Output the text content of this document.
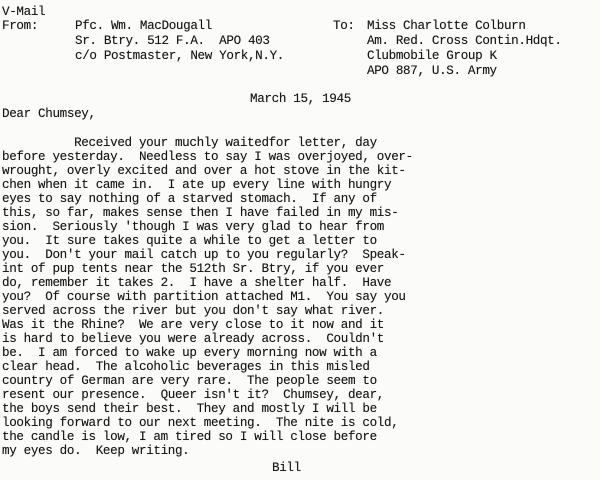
V-Mail

From:	Pfc. Wm. MacDougall

Sr. Btry. 512 F.A.  APO 403

c/o Postmaster, New York,N.Y.

To: Miss Charlotte Colburn

Am. Red. Cross Contin.Hdqt.

Clubmobile Group K

APO 887, U.S. Army

March 15, 1945

Dear Chumsey,

Received your muchly waitedfor letter, day

before yesterday.  Needless to say I was overjoyed, over-

wrought, overly excited and over a hot stove in the kit-

chen when it came in.  I ate up every line with hungry

eyes to say nothing of a starved stomach.  If any of

this, so far, makes sense then I have failed in my mis-

sion.  Seriously 'though I was very glad to hear from

you.  It sure takes quite a while to get a letter to

you.  Don't your mail catch up to you regularly?  Speak-

int of pup tents near the 512th Sr. Btry, if you ever

do, remember it takes 2.  I have a shelter half.  Have

you?  Of course with partition attached M1.  You say you

served across the river but you don't say what river.

Was it the Rhine?  We are very close to it now and it

is hard to believe you were already across.  Couldn't

be.  I am forced to wake up every morning now with a

clear head.  The alcoholic beverages in this misled

country of German are very rare.  The people seem to

resent our presence.  Queer isn't it?  Chumsey, dear,

the boys send their best.  They and mostly I will be

looking forward to our next meeting.  The nite is cold,

the candle is low, I am tired so I will close before

my eyes do.  Keep writing.

Bill
